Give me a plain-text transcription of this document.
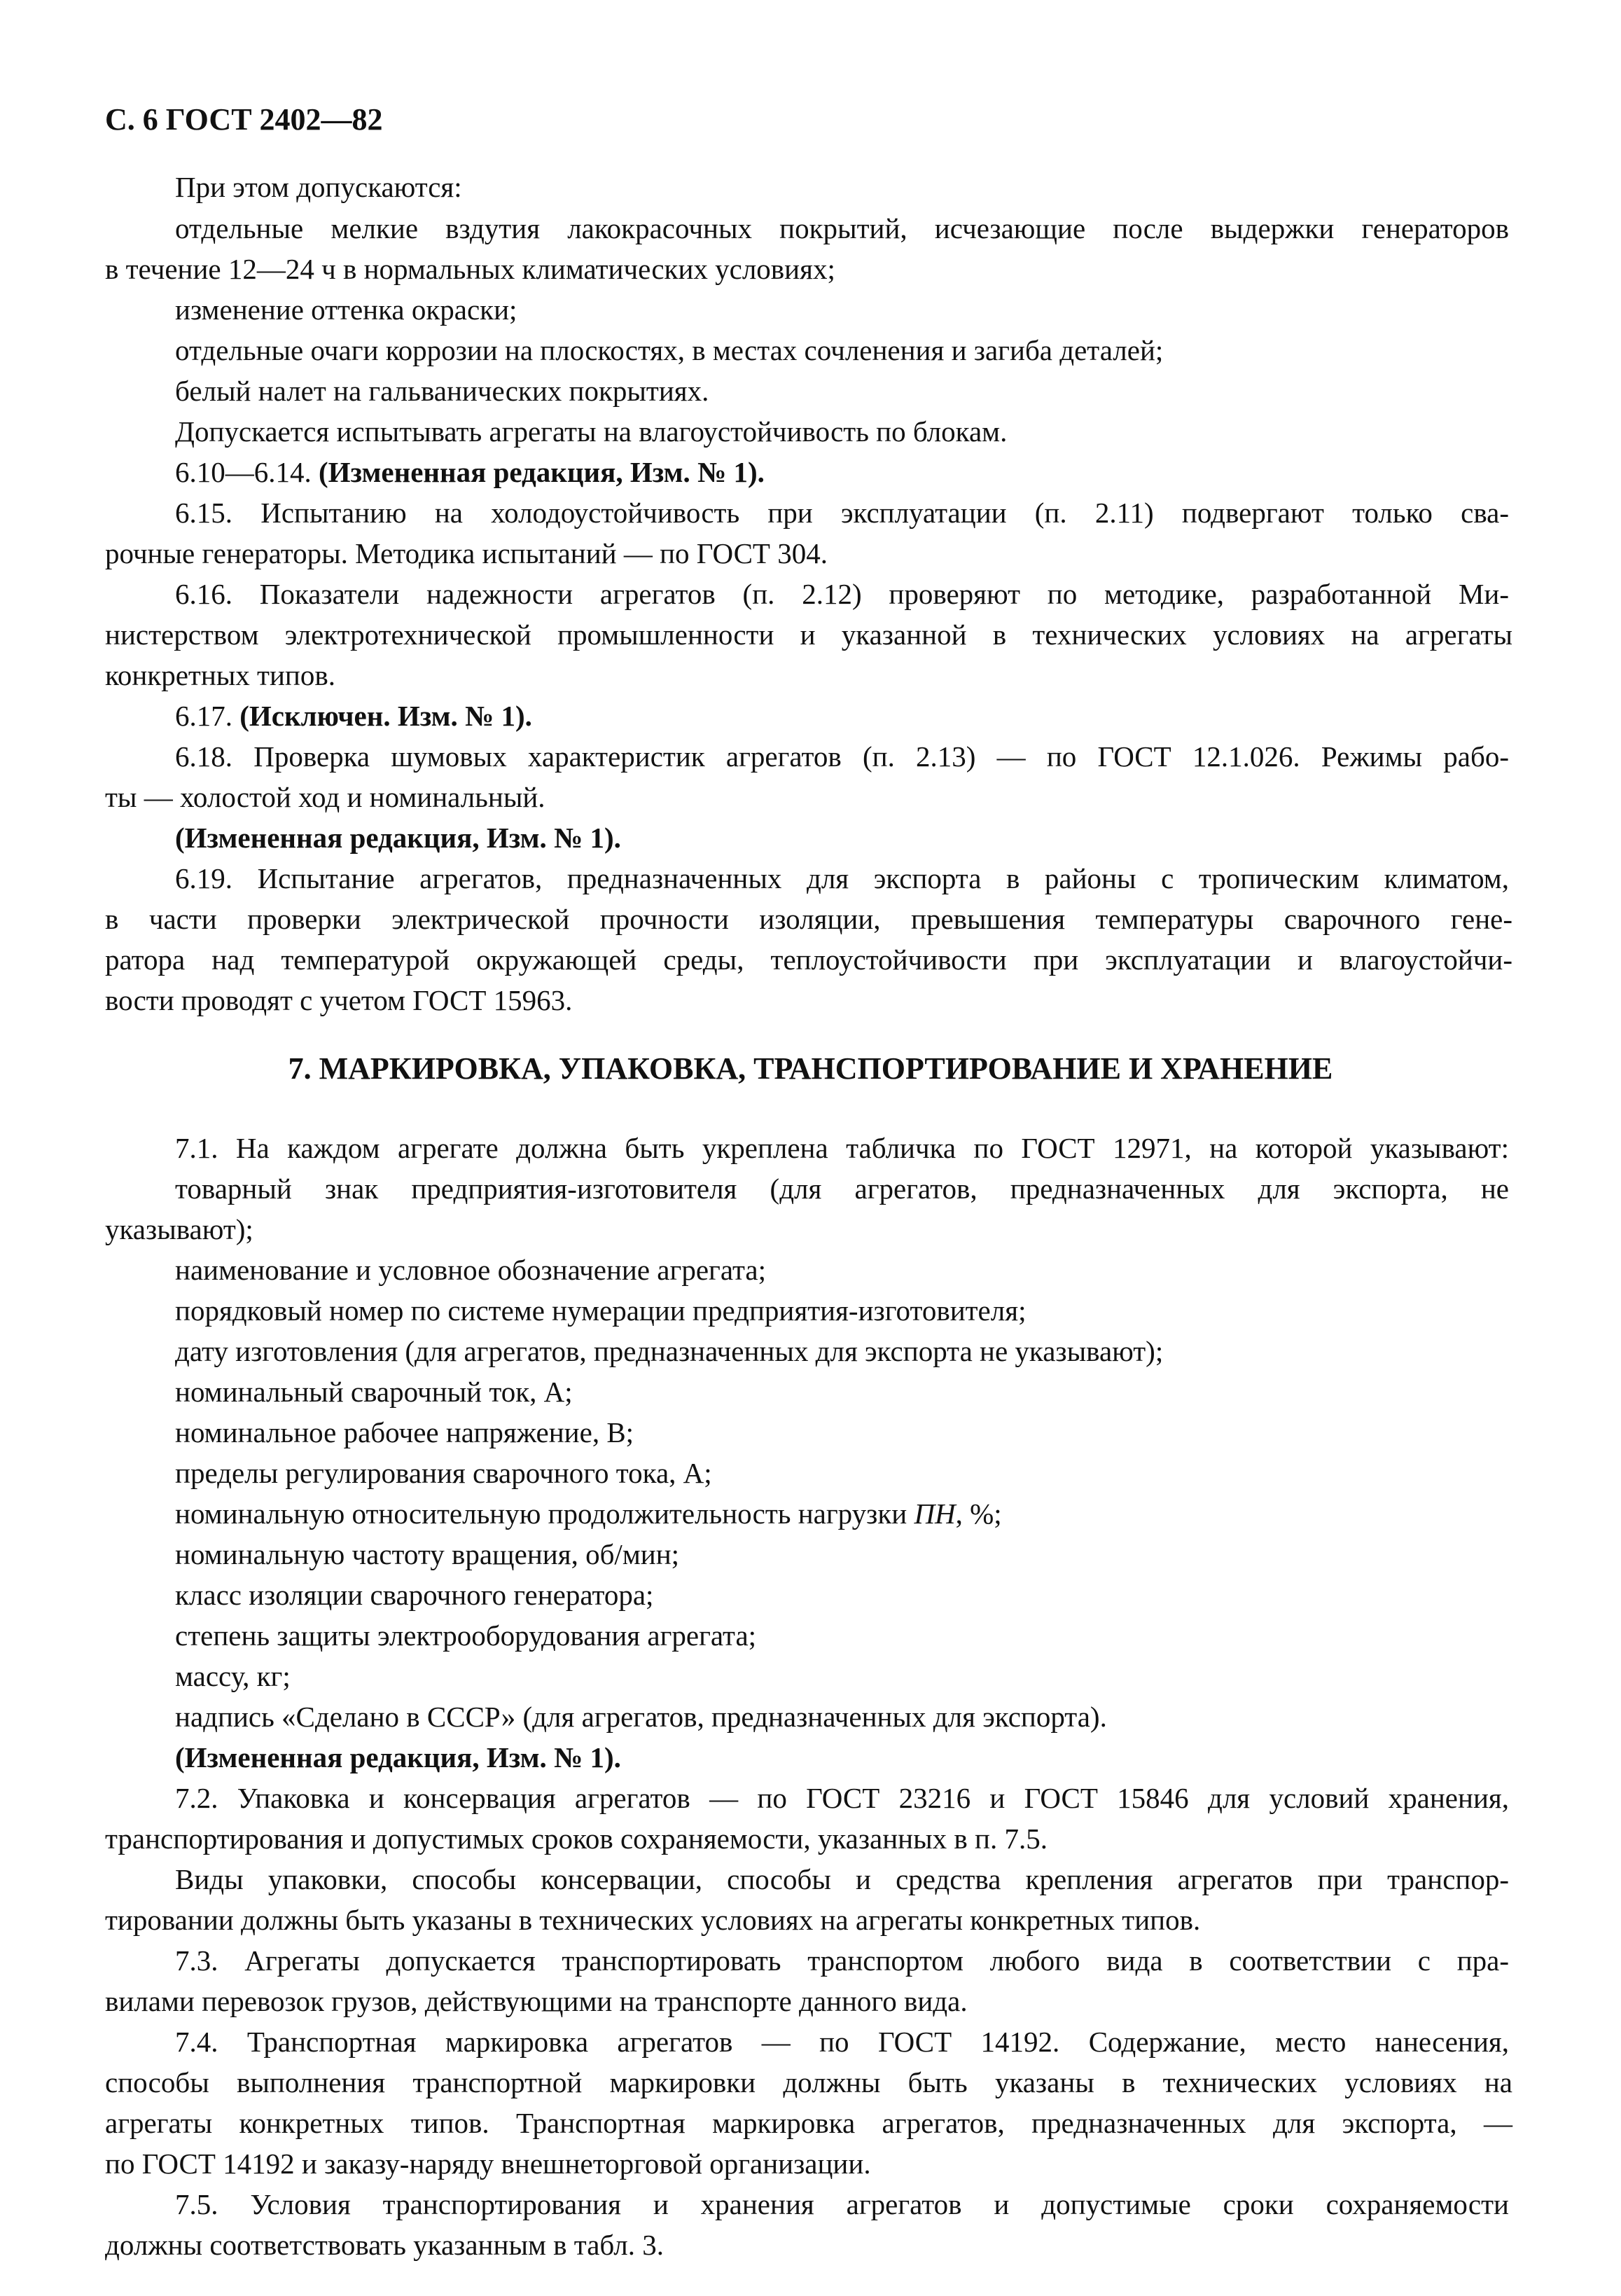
С. 6 ГОСТ 2402—82
При этом допускаются:
отдельные мелкие вздутия лакокрасочных покрытий, исчезающие после выдержки генераторов
в течение 12—24 ч в нормальных климатических условиях;
изменение оттенка окраски;
отдельные очаги коррозии на плоскостях, в местах сочленения и загиба деталей;
белый налет на гальванических покрытиях.
Допускается испытывать агрегаты на влагоустойчивость по блокам.
6.10—6.14. (Измененная редакция, Изм. № 1).
6.15. Испытанию на холодоустойчивость при эксплуатации (п. 2.11) подвергают только сва-
рочные генераторы. Методика испытаний — по ГОСТ 304.
6.16. Показатели надежности агрегатов (п. 2.12) проверяют по методике, разработанной Ми-
нистерством электротехнической промышленности и указанной в технических условиях на агрегаты
конкретных типов.
6.17. (Исключен. Изм. № 1).
6.18. Проверка шумовых характеристик агрегатов (п. 2.13) — по ГОСТ 12.1.026. Режимы рабо-
ты — холостой ход и номинальный.
(Измененная редакция, Изм. № 1).
6.19. Испытание агрегатов, предназначенных для экспорта в районы с тропическим климатом,
в части проверки электрической прочности изоляции, превышения температуры сварочного гене-
ратора над температурой окружающей среды, теплоустойчивости при эксплуатации и влагоустойчи-
вости проводят с учетом ГОСТ 15963.
7. МАРКИРОВКА, УПАКОВКА, ТРАНСПОРТИРОВАНИЕ И ХРАНЕНИЕ
7.1. На каждом агрегате должна быть укреплена табличка по ГОСТ 12971, на которой указывают:
товарный знак предприятия-изготовителя (для агрегатов, предназначенных для экспорта, не
указывают);
наименование и условное обозначение агрегата;
порядковый номер по системе нумерации предприятия-изготовителя;
дату изготовления (для агрегатов, предназначенных для экспорта не указывают);
номинальный сварочный ток, А;
номинальное рабочее напряжение, В;
пределы регулирования сварочного тока, А;
номинальную относительную продолжительность нагрузки ПН, %;
номинальную частоту вращения, об/мин;
класс изоляции сварочного генератора;
степень защиты электрооборудования агрегата;
массу, кг;
надпись «Сделано в СССР» (для агрегатов, предназначенных для экспорта).
(Измененная редакция, Изм. № 1).
7.2. Упаковка и консервация агрегатов — по ГОСТ 23216 и ГОСТ 15846 для условий хранения,
транспортирования и допустимых сроков сохраняемости, указанных в п. 7.5.
Виды упаковки, способы консервации, способы и средства крепления агрегатов при транспор-
тировании должны быть указаны в технических условиях на агрегаты конкретных типов.
7.3. Агрегаты допускается транспортировать транспортом любого вида в соответствии с пра-
вилами перевозок грузов, действующими на транспорте данного вида.
7.4. Транспортная маркировка агрегатов — по ГОСТ 14192. Содержание, место нанесения,
способы выполнения транспортной маркировки должны быть указаны в технических условиях на
агрегаты конкретных типов. Транспортная маркировка агрегатов, предназначенных для экспорта, —
по ГОСТ 14192 и заказу-наряду внешнеторговой организации.
7.5. Условия транспортирования и хранения агрегатов и допустимые сроки сохраняемости
должны соответствовать указанным в табл. 3.
